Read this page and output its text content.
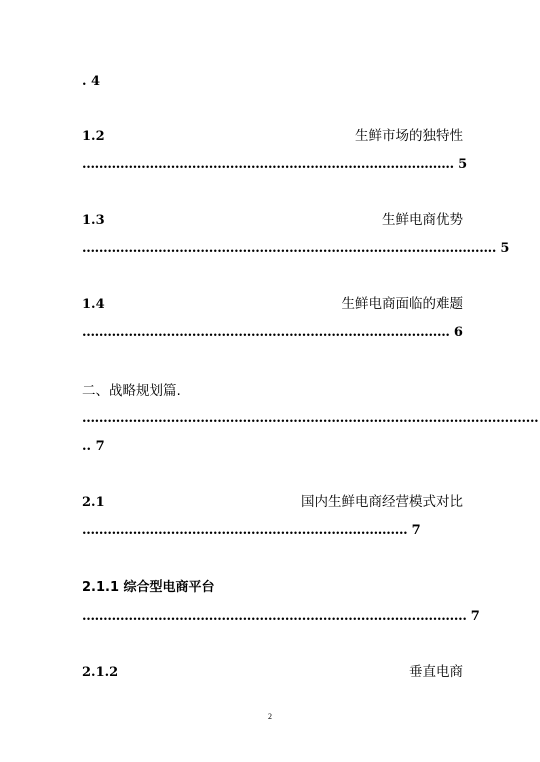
. 4
1.2	生鲜市场的独特性
........................................................................................ 5
1.3	生鲜电商优势
.................................................................................................. 5
1.4	生鲜电商面临的难题
....................................................................................... 6
二、战略规划篇.
............................................................................................................
.. 7
2.1	国内生鲜电商经营模式对比
............................................................................. 7
2.1.1 综合型电商平台
........................................................................................... 7
2.1.2	垂直电商
2
